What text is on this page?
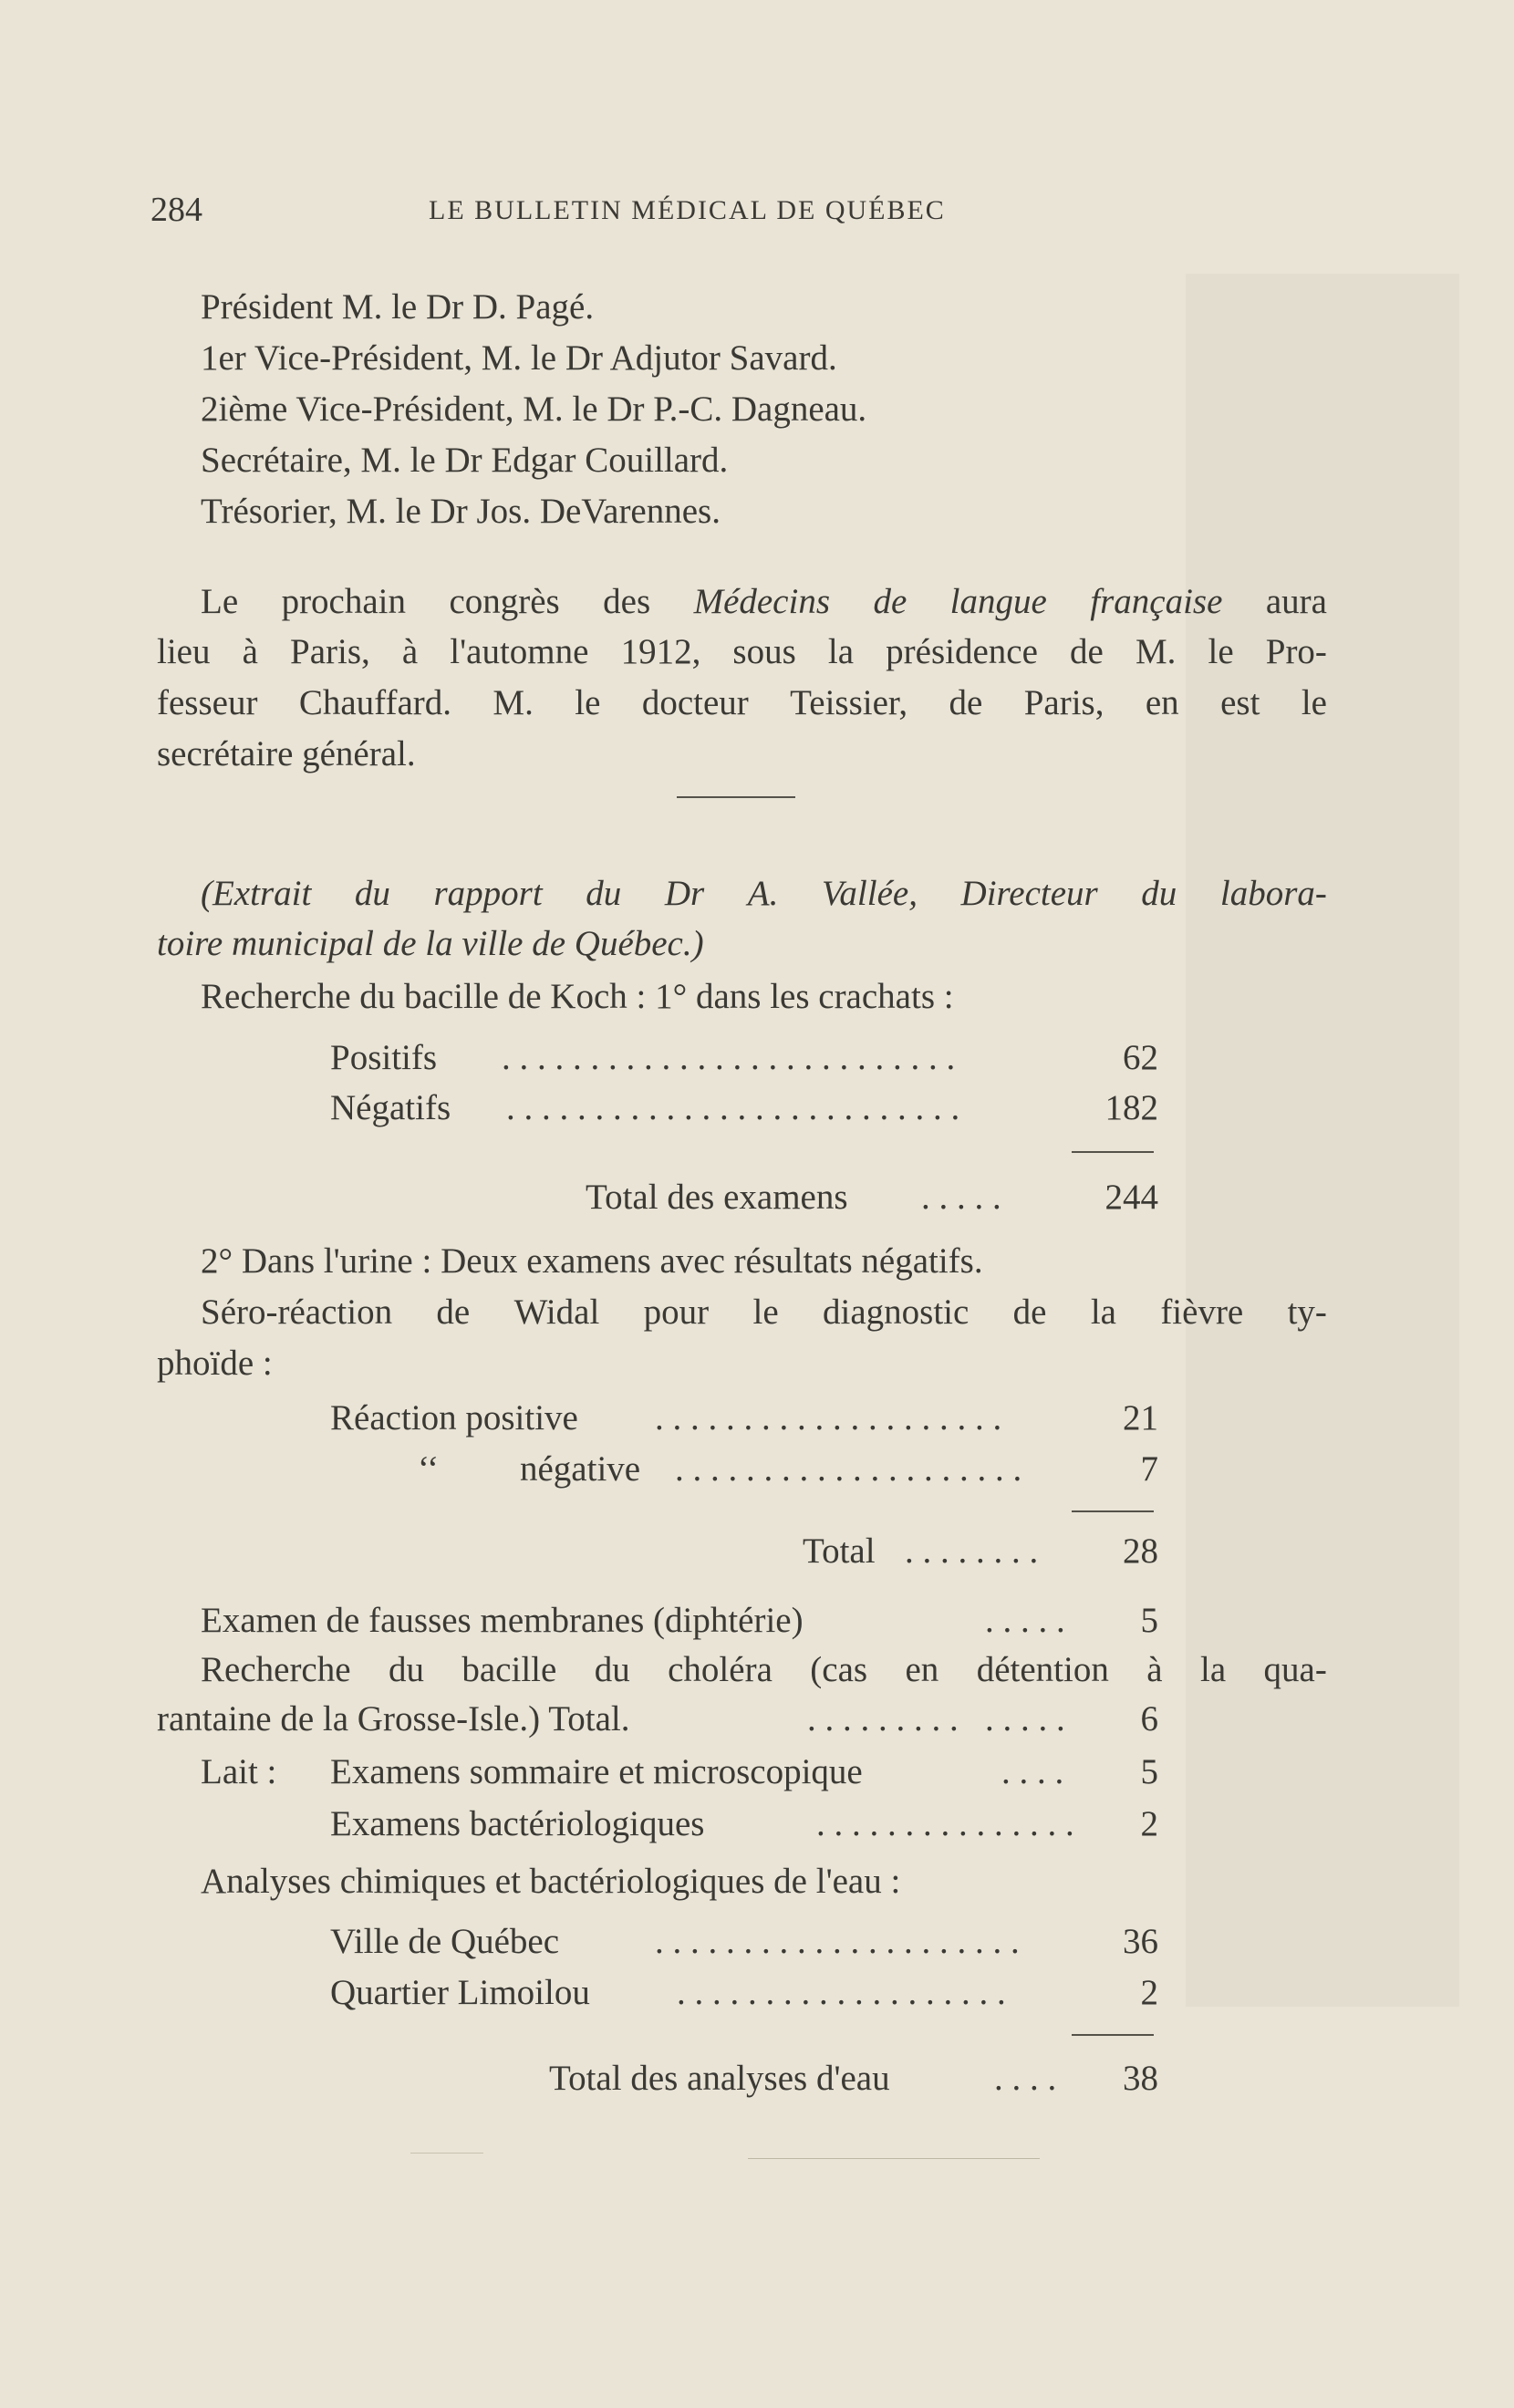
284	LE BULLETIN MÉDICAL DE QUÉBEC
Président M. le Dr D. Pagé.
1er Vice-Président, M. le Dr Adjutor Savard.
2ième Vice-Président, M. le Dr P.-C. Dagneau.
Secrétaire, M. le Dr Edgar Couillard.
Trésorier, M. le Dr Jos. DeVarennes.
Le prochain congrès des Médecins de langue française aura
lieu à Paris, à l'automne 1912, sous la présidence de M. le Pro-
fesseur Chauffard. M. le docteur Teissier, de Paris, en est le
secrétaire général.
(Extrait du rapport du Dr A. Vallée, Directeur du labora-
toire municipal de la ville de Québec.)
Recherche du bacille de Koch : 1° dans les crachats :
Positifs . . . . . . . . . . . . . . . . . . . . . . . . . .	62
Négatifs . . . . . . . . . . . . . . . . . . . . . . . . . .	182
Total des examens . . . . .	244
2° Dans l'urine : Deux examens avec résultats négatifs.
Séro-réaction de Widal pour le diagnostic de la fièvre ty-
phoïde :
Réaction positive . . . . . . . . . . . . . . . . . . . .	21
‘‘ négative . . . . . . . . . . . . . . . . . . . .	7
Total . . . . . . . .	28
Examen de fausses membranes (diphtérie)	. . . . .	5
Recherche du bacille du choléra (cas en détention à la qua-
rantaine de la Grosse-Isle.) Total.	. . . . . . . . .   . . . . .	6
Lait : Examens sommaire et microscopique	. . . .	5
Examens bactériologiques	. . . . . . . . . . . . . . .	2
Analyses chimiques et bactériologiques de l'eau :
Ville de Québec	. . . . . . . . . . . . . . . . . . . . .	36
Quartier Limoilou . . . . . . . . . . . . . . . . . . .	2
Total des analyses d'eau	. . . .	38
